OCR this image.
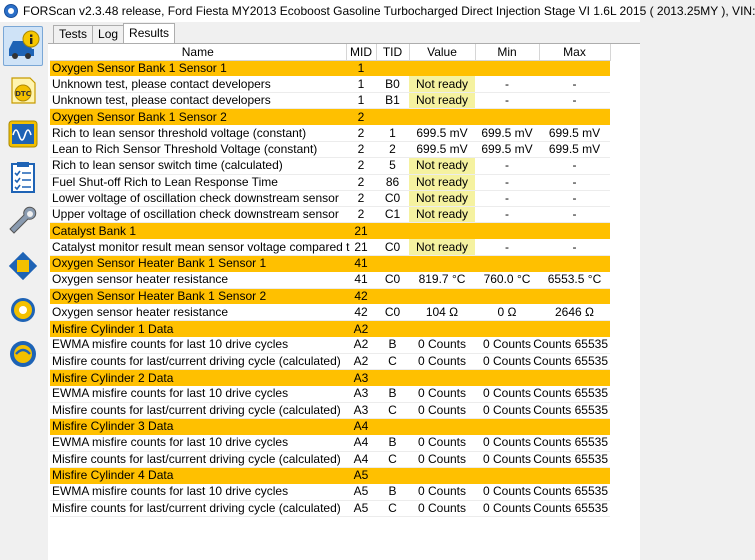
FORScan v2.3.48 release, Ford Fiesta MY2013 Ecoboost Gasoline Turbocharged Direct Injection Stage VI 1.6L 2015 ( 2013.25MY ), VIN:
DTC
Tests Log Results
Name	MID	TID	Value	Min	Max
Oxygen Sensor Bank 1 Sensor 1	1				
Unknown test, please contact developers	1	B0	Not ready	-	-
Unknown test, please contact developers	1	B1	Not ready	-	-
Oxygen Sensor Bank 1 Sensor 2	2				
Rich to lean sensor threshold voltage (constant)	2	1	699.5 mV	699.5 mV	699.5 mV
Lean to Rich Sensor Threshold Voltage (constant)	2	2	699.5 mV	699.5 mV	699.5 mV
Rich to lean sensor switch time (calculated)	2	5	Not ready	-	-
Fuel Shut-off Rich to Lean Response Time	2	86	Not ready	-	-
Lower voltage of oscillation check downstream sensor	2	C0	Not ready	-	-
Upper voltage of oscillation check downstream sensor	2	C1	Not ready	-	-
Catalyst Bank 1	21				
Catalyst monitor result mean sensor voltage compared t	21	C0	Not ready	-	-
Oxygen Sensor Heater Bank 1 Sensor 1	41				
Oxygen sensor heater resistance	41	C0	819.7 °C	760.0 °C	6553.5 °C
Oxygen Sensor Heater Bank 1 Sensor 2	42				
Oxygen sensor heater resistance	42	C0	104 Ω	0 Ω	2646 Ω
Misfire Cylinder 1 Data	A2				
EWMA misfire counts for last 10 drive cycles	A2	B	0 Counts	0 Counts	65535 Counts
Misfire counts for last/current driving cycle (calculated)	A2	C	0 Counts	0 Counts	65535 Counts
Misfire Cylinder 2 Data	A3				
EWMA misfire counts for last 10 drive cycles	A3	B	0 Counts	0 Counts	65535 Counts
Misfire counts for last/current driving cycle (calculated)	A3	C	0 Counts	0 Counts	65535 Counts
Misfire Cylinder 3 Data	A4				
EWMA misfire counts for last 10 drive cycles	A4	B	0 Counts	0 Counts	65535 Counts
Misfire counts for last/current driving cycle (calculated)	A4	C	0 Counts	0 Counts	65535 Counts
Misfire Cylinder 4 Data	A5				
EWMA misfire counts for last 10 drive cycles	A5	B	0 Counts	0 Counts	65535 Counts
Misfire counts for last/current driving cycle (calculated)	A5	C	0 Counts	0 Counts	65535 Counts
